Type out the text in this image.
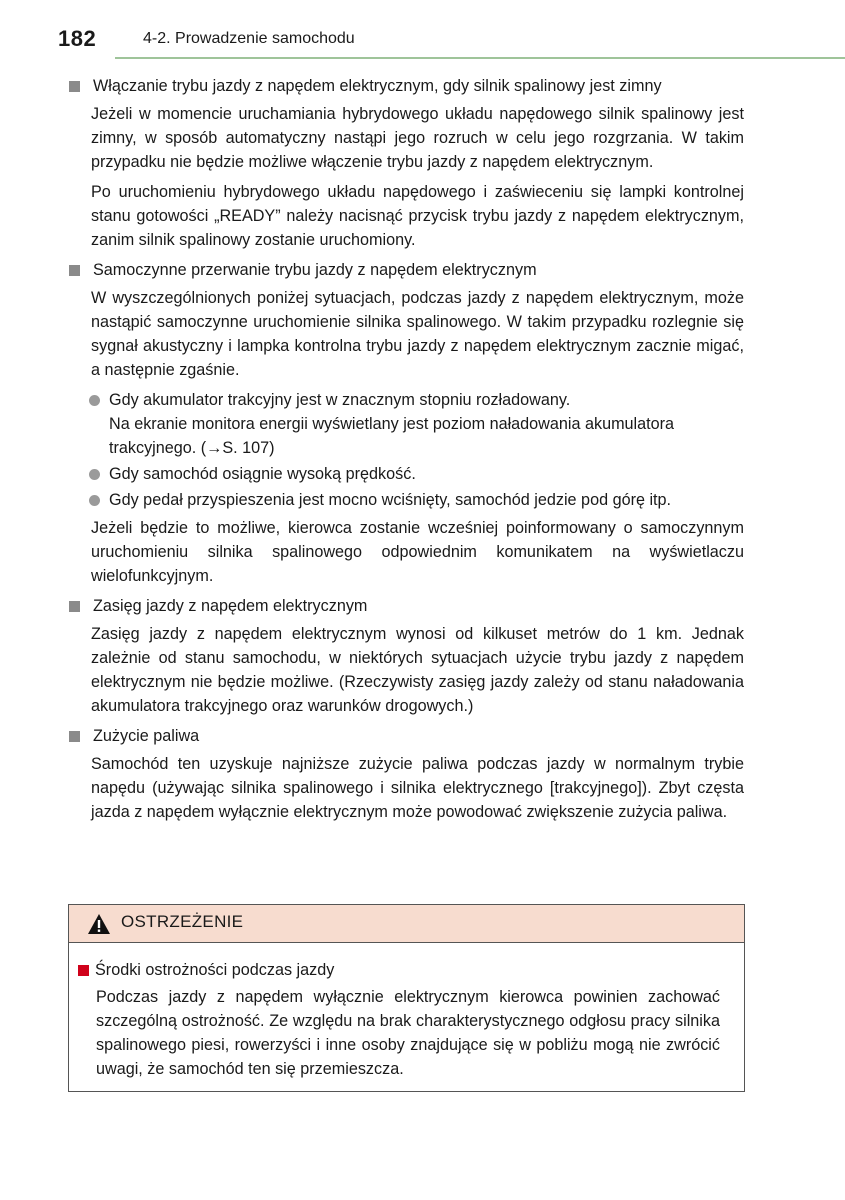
182	4-2. Prowadzenie samochodu
Włączanie trybu jazdy z napędem elektrycznym, gdy silnik spalinowy jest zimny
Jeżeli w momencie uruchamiania hybrydowego układu napędowego silnik spalinowy jest zimny, w sposób automatyczny nastąpi jego rozruch w celu jego rozgrzania. W takim przypadku nie będzie możliwe włączenie trybu jazdy z napędem elektrycznym.
Po uruchomieniu hybrydowego układu napędowego i zaświeceniu się lampki kontrolnej stanu gotowości „READY” należy nacisnąć przycisk trybu jazdy z napędem elektrycznym, zanim silnik spalinowy zostanie uruchomiony.
Samoczynne przerwanie trybu jazdy z napędem elektrycznym
W wyszczególnionych poniżej sytuacjach, podczas jazdy z napędem elektrycznym, może nastąpić samoczynne uruchomienie silnika spalinowego. W takim przypadku rozlegnie się sygnał akustyczny i lampka kontrolna trybu jazdy z napędem elektrycznym zacznie migać, a następnie zgaśnie.
Gdy akumulator trakcyjny jest w znacznym stopniu rozładowany.
Na ekranie monitora energii wyświetlany jest poziom naładowania akumulatora trakcyjnego. (→S. 107)
Gdy samochód osiągnie wysoką prędkość.
Gdy pedał przyspieszenia jest mocno wciśnięty, samochód jedzie pod górę itp.
Jeżeli będzie to możliwe, kierowca zostanie wcześniej poinformowany o samoczynnym uruchomieniu silnika spalinowego odpowiednim komunikatem na wyświetlaczu wielofunkcyjnym.
Zasięg jazdy z napędem elektrycznym
Zasięg jazdy z napędem elektrycznym wynosi od kilkuset metrów do 1 km. Jednak zależnie od stanu samochodu, w niektórych sytuacjach użycie trybu jazdy z napędem elektrycznym nie będzie możliwe. (Rzeczywisty zasięg jazdy zależy od stanu naładowania akumulatora trakcyjnego oraz warunków drogowych.)
Zużycie paliwa
Samochód ten uzyskuje najniższe zużycie paliwa podczas jazdy w normalnym trybie napędu (używając silnika spalinowego i silnika elektrycznego [trakcyjnego]). Zbyt częsta jazda z napędem wyłącznie elektrycznym może powodować zwiększenie zużycia paliwa.
OSTRZEŻENIE
Środki ostrożności podczas jazdy
Podczas jazdy z napędem wyłącznie elektrycznym kierowca powinien zachować szczególną ostrożność. Ze względu na brak charakterystycznego odgłosu pracy silnika spalinowego piesi, rowerzyści i inne osoby znajdujące się w pobliżu mogą nie zwrócić uwagi, że samochód ten się przemieszcza.
